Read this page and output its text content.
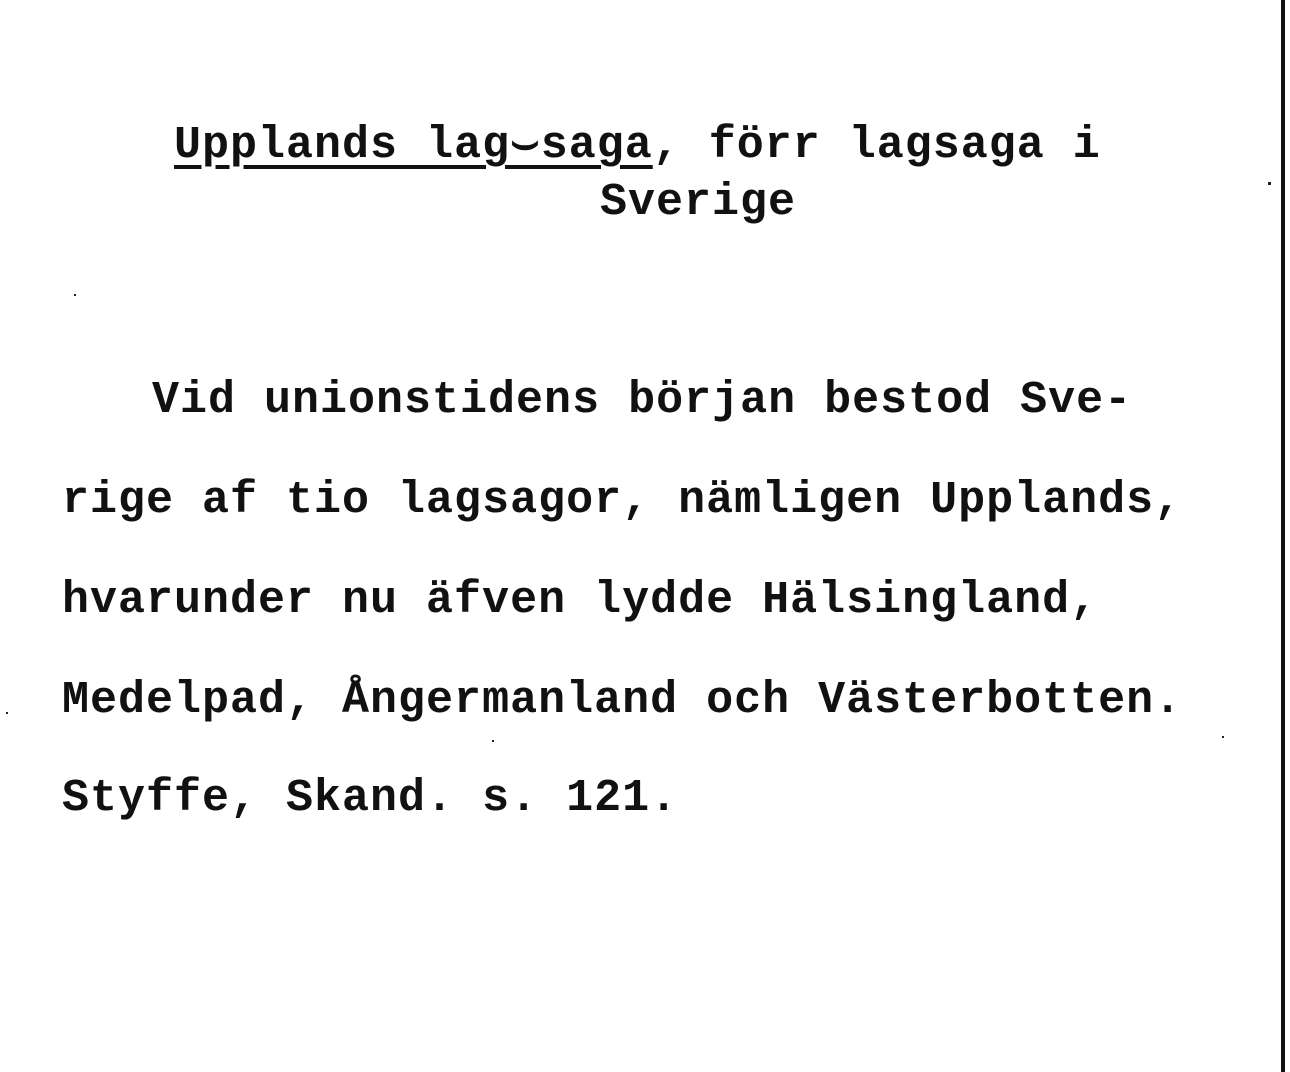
Upplands lag⌣saga, förr lagsaga i

Sverige
Vid unionstidens början bestod Sve-
rige af tio lagsagor, nämligen Upplands,
hvarunder nu äfven lydde Hälsingland,
Medelpad, Ångermanland och Västerbotten.
Styffe, Skand. s. 121.
